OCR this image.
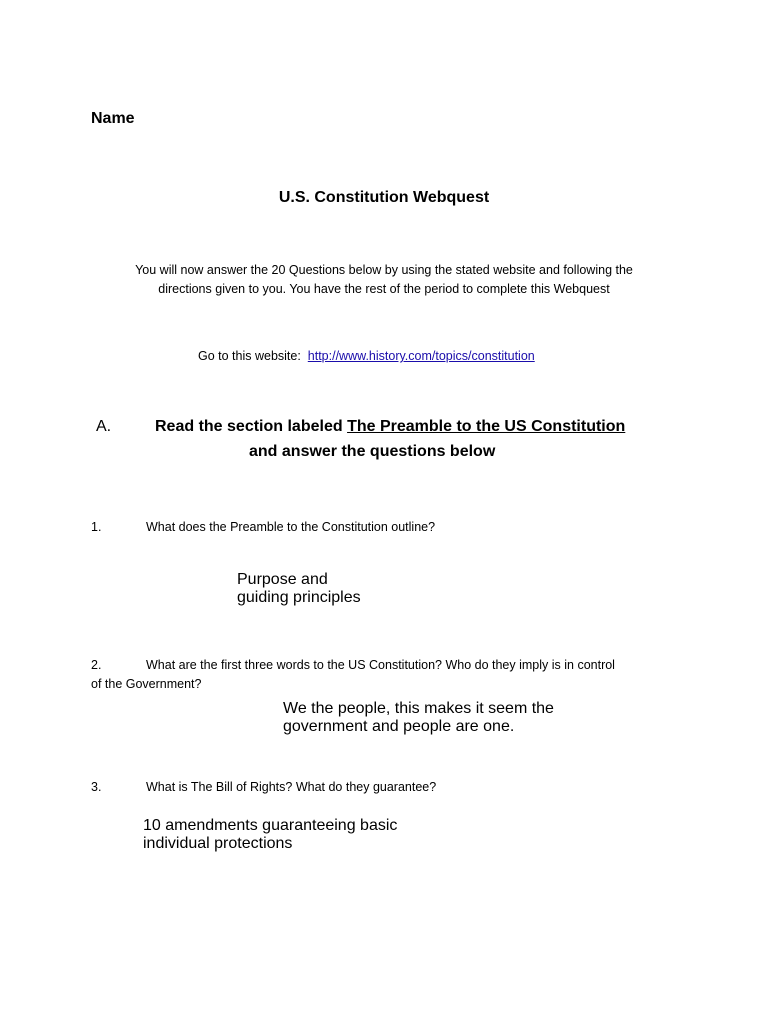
Name
U.S. Constitution Webquest
You will now answer the 20 Questions below by using the stated website and following the
directions given to you. You have the rest of the period to complete this Webquest
Go to this website: http://www.history.com/topics/constitution
A.	Read the section labeled The Preamble to the US Constitution
and answer the questions below
1.	What does the Preamble to the Constitution outline?
Purpose and
guiding principles
2.	What are the first three words to the US Constitution? Who do they imply is in control
of the Government?
We the people, this makes it seem the
government and people are one.
3.	What is The Bill of Rights? What do they guarantee?
10 amendments guaranteeing basic
individual protections
